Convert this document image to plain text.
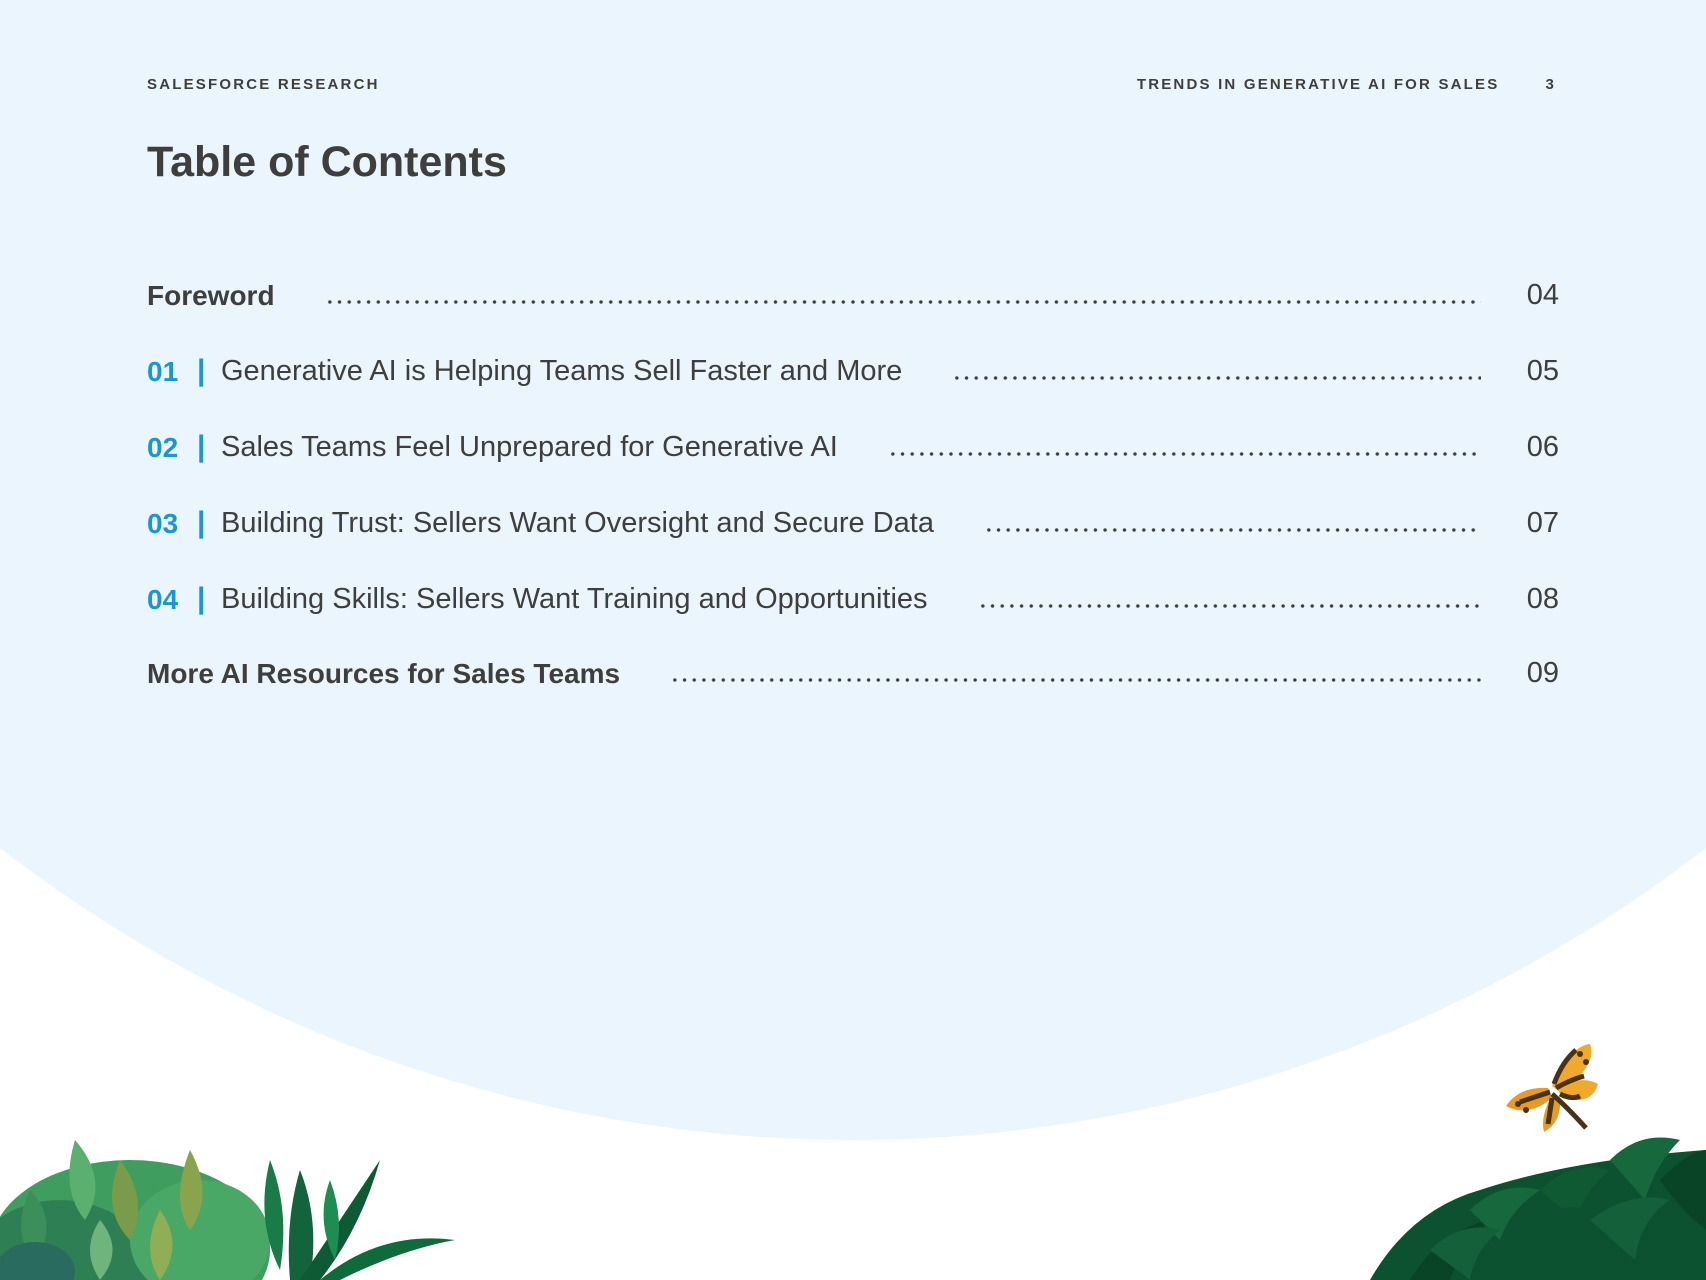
SALESFORCE RESEARCH	TRENDS IN GENERATIVE AI FOR SALES	3
Table of Contents
Foreword	04
01 | Generative AI is Helping Teams Sell Faster and More	05
02 | Sales Teams Feel Unprepared for Generative AI	06
03 | Building Trust: Sellers Want Oversight and Secure Data	07
04 | Building Skills: Sellers Want Training and Opportunities	08
More AI Resources for Sales Teams	09
